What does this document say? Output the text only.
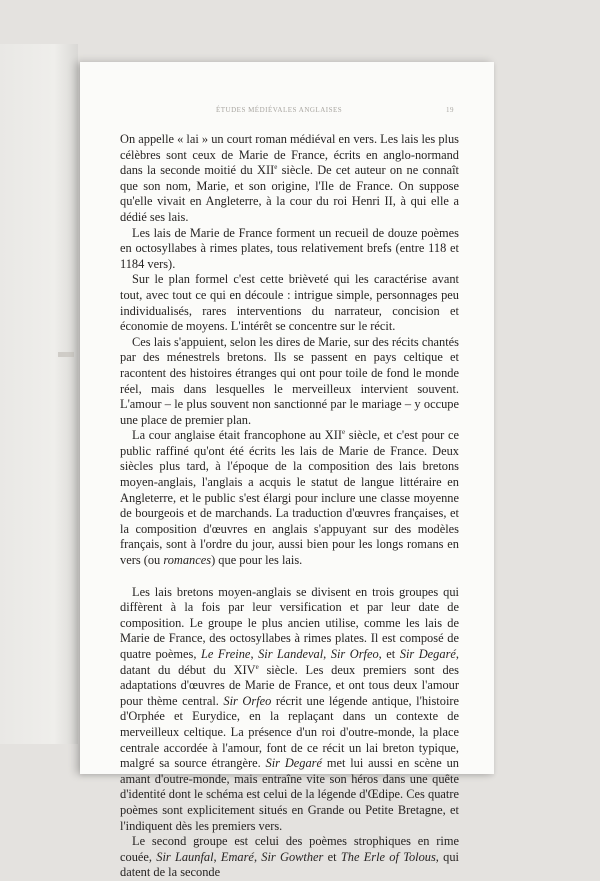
ÉTUDES MÉDIÉVALES ANGLAISES	19

On appelle « lai » un court roman médiéval en vers. Les lais les plus célèbres sont ceux de Marie de France, écrits en anglo-normand dans la seconde moitié du XIIe siècle. De cet auteur on ne connaît que son nom, Marie, et son origine, l'Ile de France. On suppose qu'elle vivait en Angleterre, à la cour du roi Henri II, à qui elle a dédié ses lais.

Les lais de Marie de France forment un recueil de douze poèmes en octosyllabes à rimes plates, tous relativement brefs (entre 118 et 1184 vers).

Sur le plan formel c'est cette brièveté qui les caractérise avant tout, avec tout ce qui en découle : intrigue simple, personnages peu individualisés, rares interventions du narrateur, concision et économie de moyens. L'intérêt se concentre sur le récit.

Ces lais s'appuient, selon les dires de Marie, sur des récits chantés par des ménestrels bretons. Ils se passent en pays celtique et racontent des histoires étranges qui ont pour toile de fond le monde réel, mais dans lesquelles le merveilleux intervient souvent. L'amour – le plus souvent non sanctionné par le mariage – y occupe une place de premier plan.

La cour anglaise était francophone au XIIe siècle, et c'est pour ce public raffiné qu'ont été écrits les lais de Marie de France. Deux siècles plus tard, à l'époque de la composition des lais bretons moyen-anglais, l'anglais a acquis le statut de langue littéraire en Angleterre, et le public s'est élargi pour inclure une classe moyenne de bourgeois et de marchands. La traduction d'œuvres françaises, et la composition d'œuvres en anglais s'appuyant sur des modèles français, sont à l'ordre du jour, aussi bien pour les longs romans en vers (ou romances) que pour les lais.

Les lais bretons moyen-anglais se divisent en trois groupes qui diffèrent à la fois par leur versification et par leur date de composition. Le groupe le plus ancien utilise, comme les lais de Marie de France, des octosyllabes à rimes plates. Il est composé de quatre poèmes, Le Freine, Sir Landeval, Sir Orfeo, et Sir Degaré, datant du début du XIVe siècle. Les deux premiers sont des adaptations d'œuvres de Marie de France, et ont tous deux l'amour pour thème central. Sir Orfeo récrit une légende antique, l'histoire d'Orphée et Eurydice, en la replaçant dans un contexte de merveilleux celtique. La présence d'un roi d'outre-monde, la place centrale accordée à l'amour, font de ce récit un lai breton typique, malgré sa source étrangère. Sir Degaré met lui aussi en scène un amant d'outre-monde, mais entraîne vite son héros dans une quête d'identité dont le schéma est celui de la légende d'Œdipe. Ces quatre poèmes sont explicitement situés en Grande ou Petite Bretagne, et l'indiquent dès les premiers vers.

Le second groupe est celui des poèmes strophiques en rime couée, Sir Launfal, Emaré, Sir Gowther et The Erle of Tolous, qui datent de la seconde
